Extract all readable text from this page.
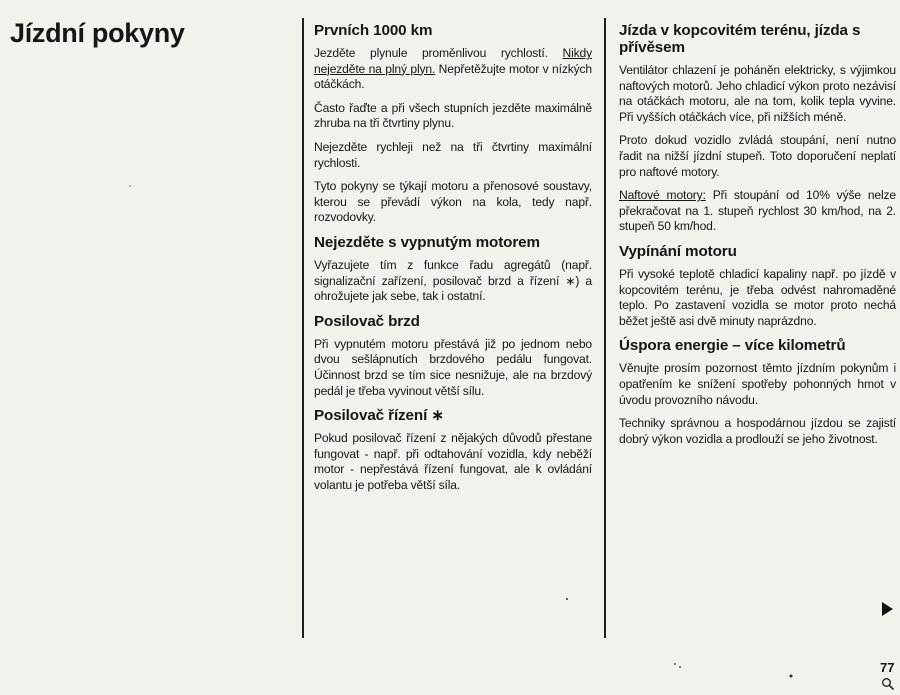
Jízdní pokyny	Prvních 1000 km

Jezděte plynule proměnlivou rychlostí. Nikdy nejezděte na plný plyn. Nepřetěžujte motor v nízkých otáčkách.

Často řaďte a při všech stupních jezděte maximálně zhruba na tři čtvrtiny plynu.

Nejezděte rychleji než na tři čtvrtiny maximální rychlosti.

Tyto pokyny se týkají motoru a přenosové soustavy, kterou se převádí výkon na kola, tedy např. rozvodovky.

Nejezděte s vypnutým motorem

Vyřazujete tím z funkce řadu agregátů (např. signalizační zařízení, posilovač brzd a řízení ∗) a ohrožujete jak sebe, tak i ostatní.

Posilovač brzd

Při vypnutém motoru přestává již po jednom nebo dvou sešlápnutích brzdového pedálu fungovat. Účinnost brzd se tím sice nesnižuje, ale na brzdový pedál je třeba vyvinout větší sílu.

Posilovač řízení ∗

Pokud posilovač řízení z nějakých důvodů přestane fungovat - např. při odtahování vozidla, kdy neběží motor - nepřestává řízení fungovat, ale k ovládání volantu je potřeba větší síla.

Jízda v kopcovitém terénu, jízda s přívěsem

Ventilátor chlazení je poháněn elektricky, s výjimkou naftových motorů. Jeho chladicí výkon proto nezávisí na otáčkách motoru, ale na tom, kolik tepla vyvine. Při vyšších otáčkách více, při nižších méně.

Proto dokud vozidlo zvládá stoupání, není nutno řadit na nižší jízdní stupeň. Toto doporučení neplatí pro naftové motory.

Naftové motory: Při stoupání od 10% výše nelze překračovat na 1. stupeň rychlost 30 km/hod, na 2. stupeň 50 km/hod.

Vypínání motoru

Při vysoké teplotě chladicí kapaliny např. po jízdě v kopcovitém terénu, je třeba odvést nahromaděné teplo. Po zastavení vozidla se motor proto nechá běžet ještě asi dvě minuty naprázdno.

Úspora energie – více kilometrů

Věnujte prosím pozornost těmto jízdním pokynům i opatřením ke snížení spotřeby pohonných hmot v úvodu provozního návodu.

Techniky správnou a hospodárnou jízdou se zajistí dobrý výkon vozidla a prodlouží se jeho životnost.

77
